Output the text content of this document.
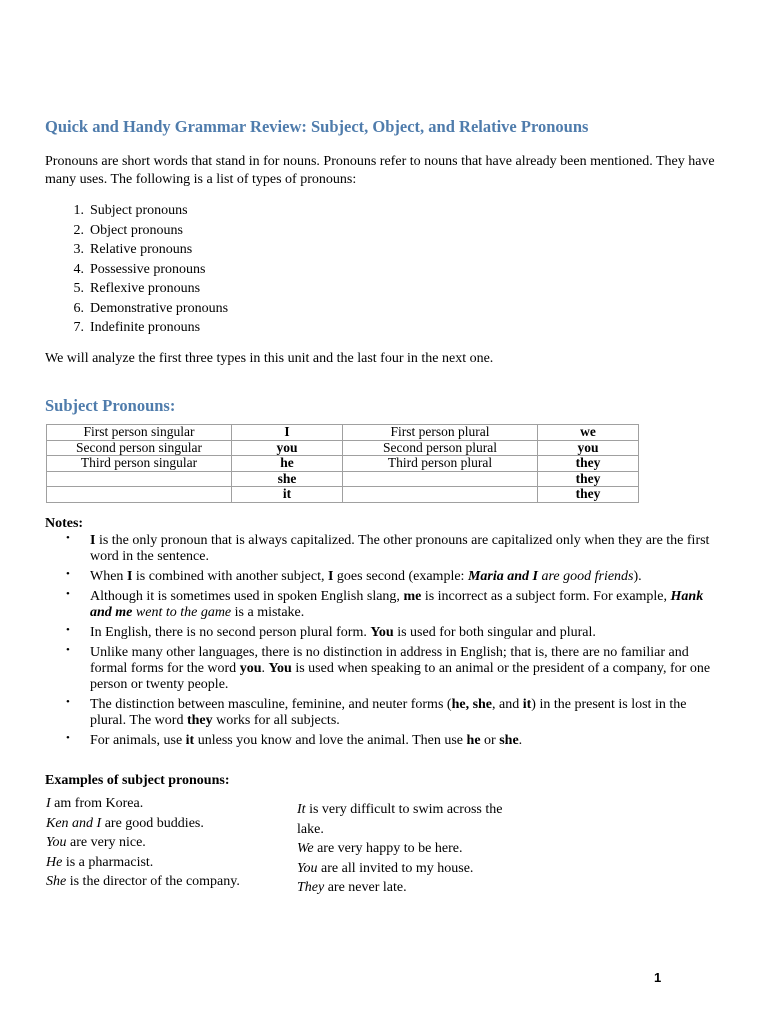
Quick and Handy Grammar Review: Subject, Object, and Relative Pronouns
Pronouns are short words that stand in for nouns. Pronouns refer to nouns that have already been mentioned. They have many uses. The following is a list of types of pronouns:
1. Subject pronouns
2. Object pronouns
3. Relative pronouns
4. Possessive pronouns
5. Reflexive pronouns
6. Demonstrative pronouns
7. Indefinite pronouns
We will analyze the first three types in this unit and the last four in the next one.
Subject Pronouns:
First person singular	I	First person plural	we
Second person singular	you	Second person plural	you
Third person singular	he	Third person plural	they
	she		they
	it		they
Notes:
• I is the only pronoun that is always capitalized. The other pronouns are capitalized only when they are the first word in the sentence.
• When I is combined with another subject, I goes second (example: Maria and I are good friends).
• Although it is sometimes used in spoken English slang, me is incorrect as a subject form. For example, Hank and me went to the game is a mistake.
• In English, there is no second person plural form. You is used for both singular and plural.
• Unlike many other languages, there is no distinction in address in English; that is, there are no familiar and formal forms for the word you. You is used when speaking to an animal or the president of a company, for one person or twenty people.
• The distinction between masculine, feminine, and neuter forms (he, she, and it) in the present is lost in the plural. The word they works for all subjects.
• For animals, use it unless you know and love the animal. Then use he or she.
Examples of subject pronouns:
I am from Korea.
Ken and I are good buddies.
You are very nice.
He is a pharmacist.
She is the director of the company.
It is very difficult to swim across the lake.
We are very happy to be here.
You are all invited to my house.
They are never late.
1
